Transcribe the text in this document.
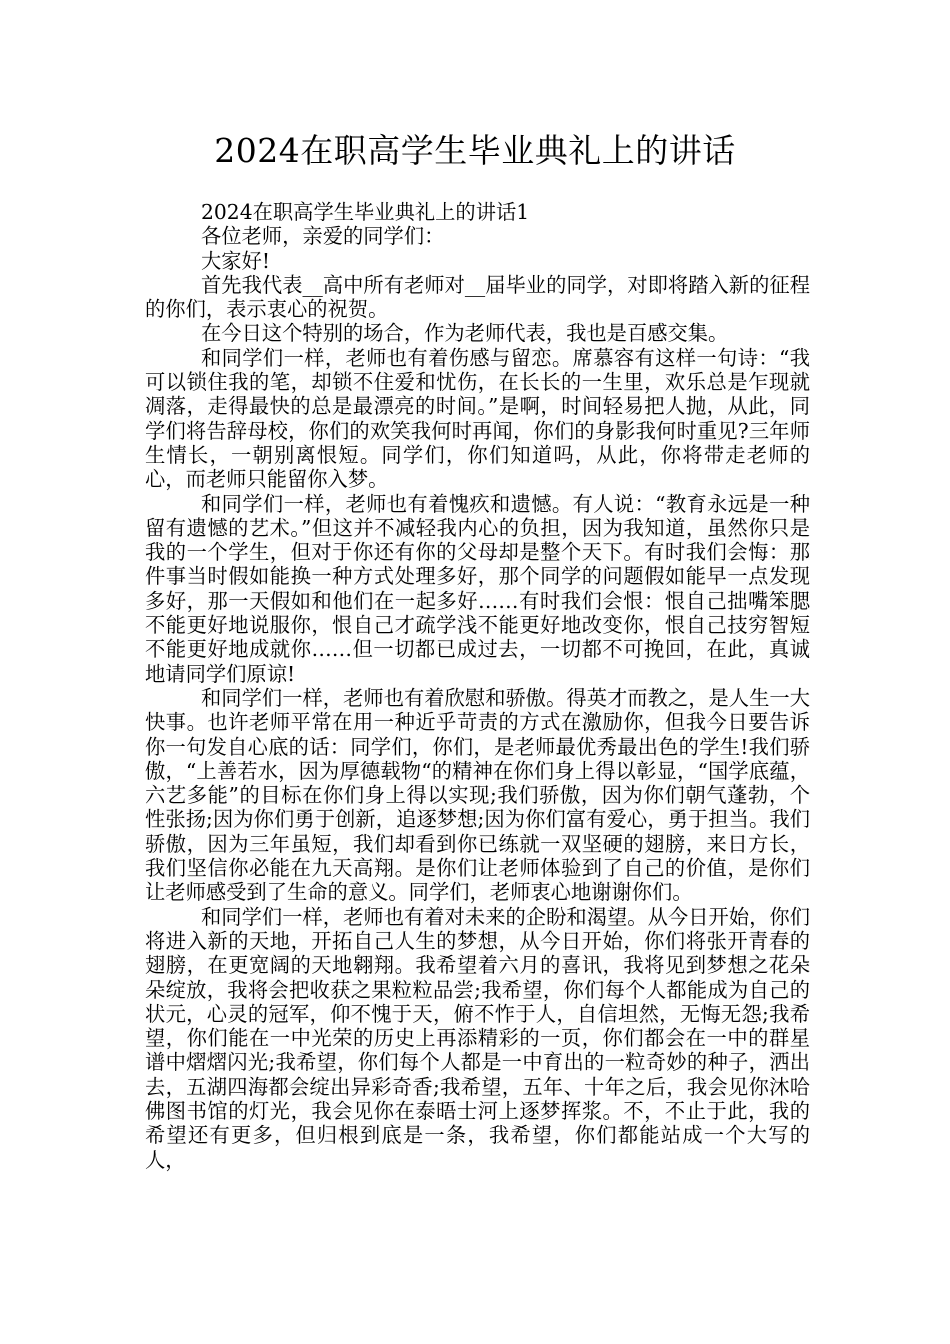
2024在职高学生毕业典礼上的讲话

2024在职高学生毕业典礼上的讲话1

各位老师，亲爱的同学们：

大家好!

首先我代表__高中所有老师对__届毕业的同学，对即将踏入新的征程的你们，表示衷心的祝贺。

在今日这个特别的场合，作为老师代表，我也是百感交集。

和同学们一样，老师也有着伤感与留恋。席慕容有这样一句诗：“我可以锁住我的笔，却锁不住爱和忧伤，在长长的一生里，欢乐总是乍现就凋落，走得最快的总是最漂亮的时间。”是啊，时间轻易把人抛，从此，同学们将告辞母校，你们的欢笑我何时再闻，你们的身影我何时重见?三年师生情长，一朝别离恨短。同学们，你们知道吗，从此，你将带走老师的心，而老师只能留你入梦。

和同学们一样，老师也有着愧疚和遗憾。有人说：“教育永远是一种留有遗憾的艺术。”但这并不减轻我内心的负担，因为我知道，虽然你只是我的一个学生，但对于你还有你的父母却是整个天下。有时我们会悔：那件事当时假如能换一种方式处理多好，那个同学的问题假如能早一点发现多好，那一天假如和他们在一起多好……有时我们会恨：恨自己拙嘴笨腮不能更好地说服你，恨自己才疏学浅不能更好地改变你，恨自己技穷智短不能更好地成就你……但一切都已成过去，一切都不可挽回，在此，真诚地请同学们原谅!

和同学们一样，老师也有着欣慰和骄傲。得英才而教之，是人生一大快事。也许老师平常在用一种近乎苛责的方式在激励你，但我今日要告诉你一句发自心底的话：同学们，你们，是老师最优秀最出色的学生!我们骄傲，“上善若水，因为厚德载物“的精神在你们身上得以彰显，“国学底蕴，六艺多能”的目标在你们身上得以实现;我们骄傲，因为你们朝气蓬勃，个性张扬;因为你们勇于创新，追逐梦想;因为你们富有爱心，勇于担当。我们骄傲，因为三年虽短，我们却看到你已练就一双坚硬的翅膀，来日方长，我们坚信你必能在九天高翔。是你们让老师体验到了自己的价值，是你们让老师感受到了生命的意义。同学们，老师衷心地谢谢你们。

和同学们一样，老师也有着对未来的企盼和渴望。从今日开始，你们将进入新的天地，开拓自己人生的梦想，从今日开始，你们将张开青春的翅膀，在更宽阔的天地翱翔。我希望着六月的喜讯，我将见到梦想之花朵朵绽放，我将会把收获之果粒粒品尝;我希望，你们每个人都能成为自己的状元，心灵的冠军，仰不愧于天，俯不怍于人，自信坦然，无悔无怨;我希望，你们能在一中光荣的历史上再添精彩的一页，你们都会在一中的群星谱中熠熠闪光;我希望，你们每个人都是一中育出的一粒奇妙的种子，洒出去，五湖四海都会绽出异彩奇香;我希望，五年、十年之后，我会见你沐哈佛图书馆的灯光，我会见你在泰晤士河上逐梦挥浆。不，不止于此，我的希望还有更多，但归根到底是一条，我希望，你们都能站成一个大写的人，
